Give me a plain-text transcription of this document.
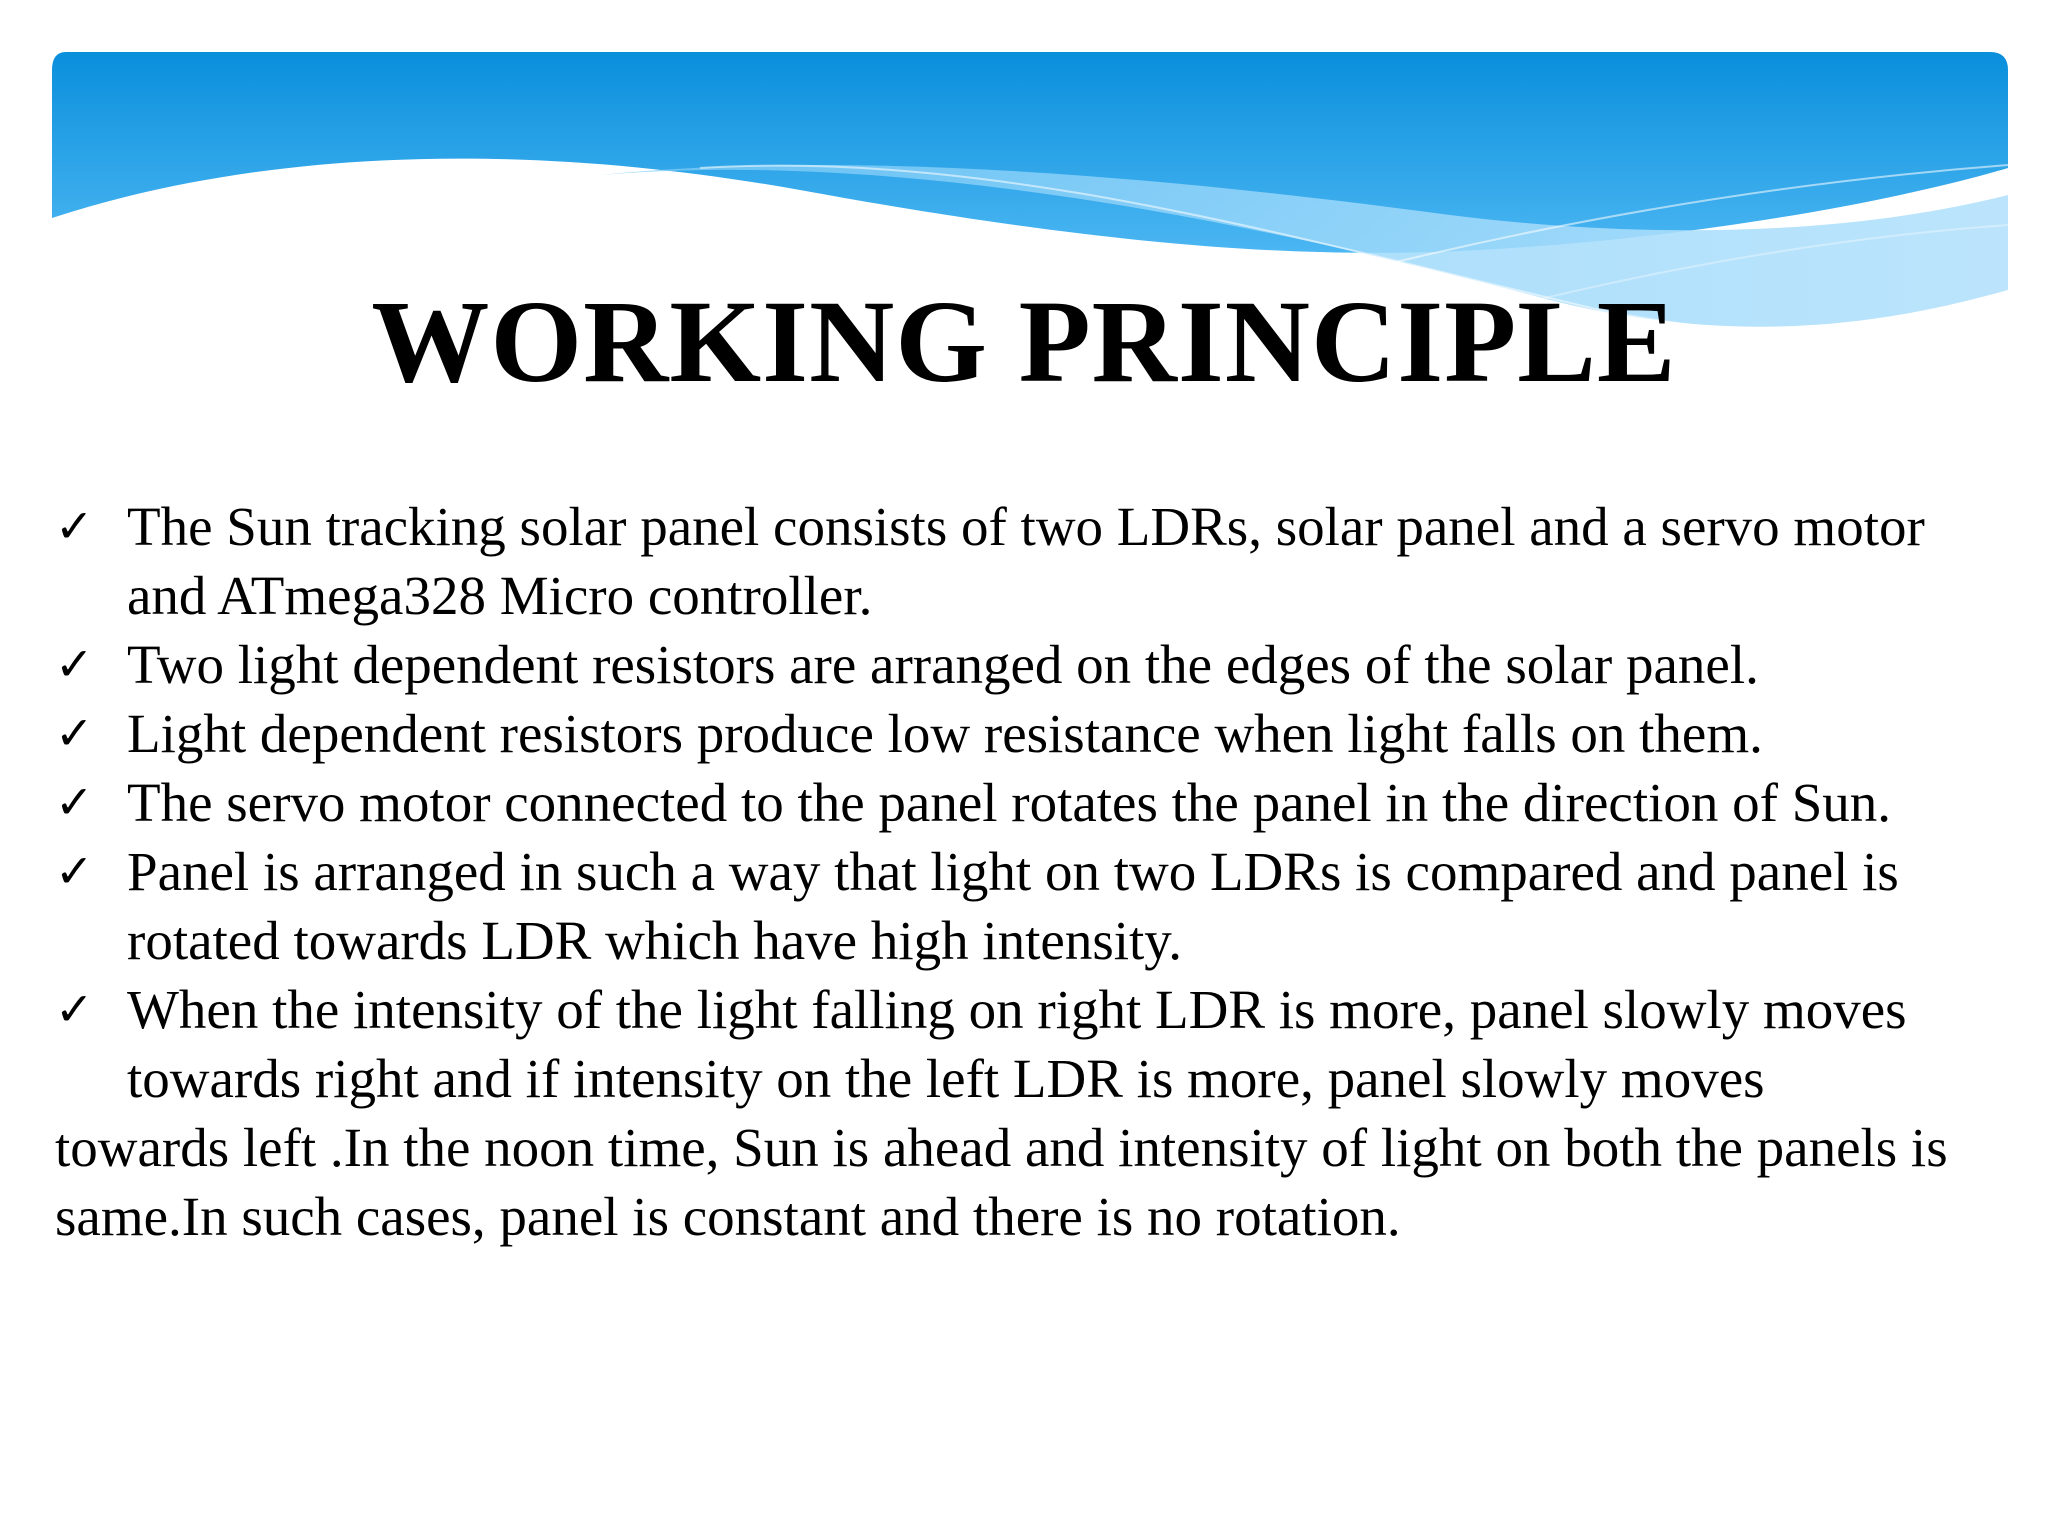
WORKING PRINCIPLE

✓ The Sun tracking solar panel consists of two LDRs, solar panel and a servo motor and ATmega328 Micro controller.

✓ Two light dependent resistors are arranged on the edges of the solar panel.

✓ Light dependent resistors produce low resistance when light falls on them.

✓ The servo motor connected to the panel rotates the panel in the direction of Sun.

✓ Panel is arranged in such a way that light on two LDRs is compared and panel is rotated towards LDR which have high intensity.

✓ When the intensity of the light falling on right LDR is more, panel slowly moves towards right and if intensity on the left LDR is more, panel slowly moves

towards left .In the noon time, Sun is ahead and intensity of light on both the panels is same.In such cases, panel is constant and there is no rotation.
